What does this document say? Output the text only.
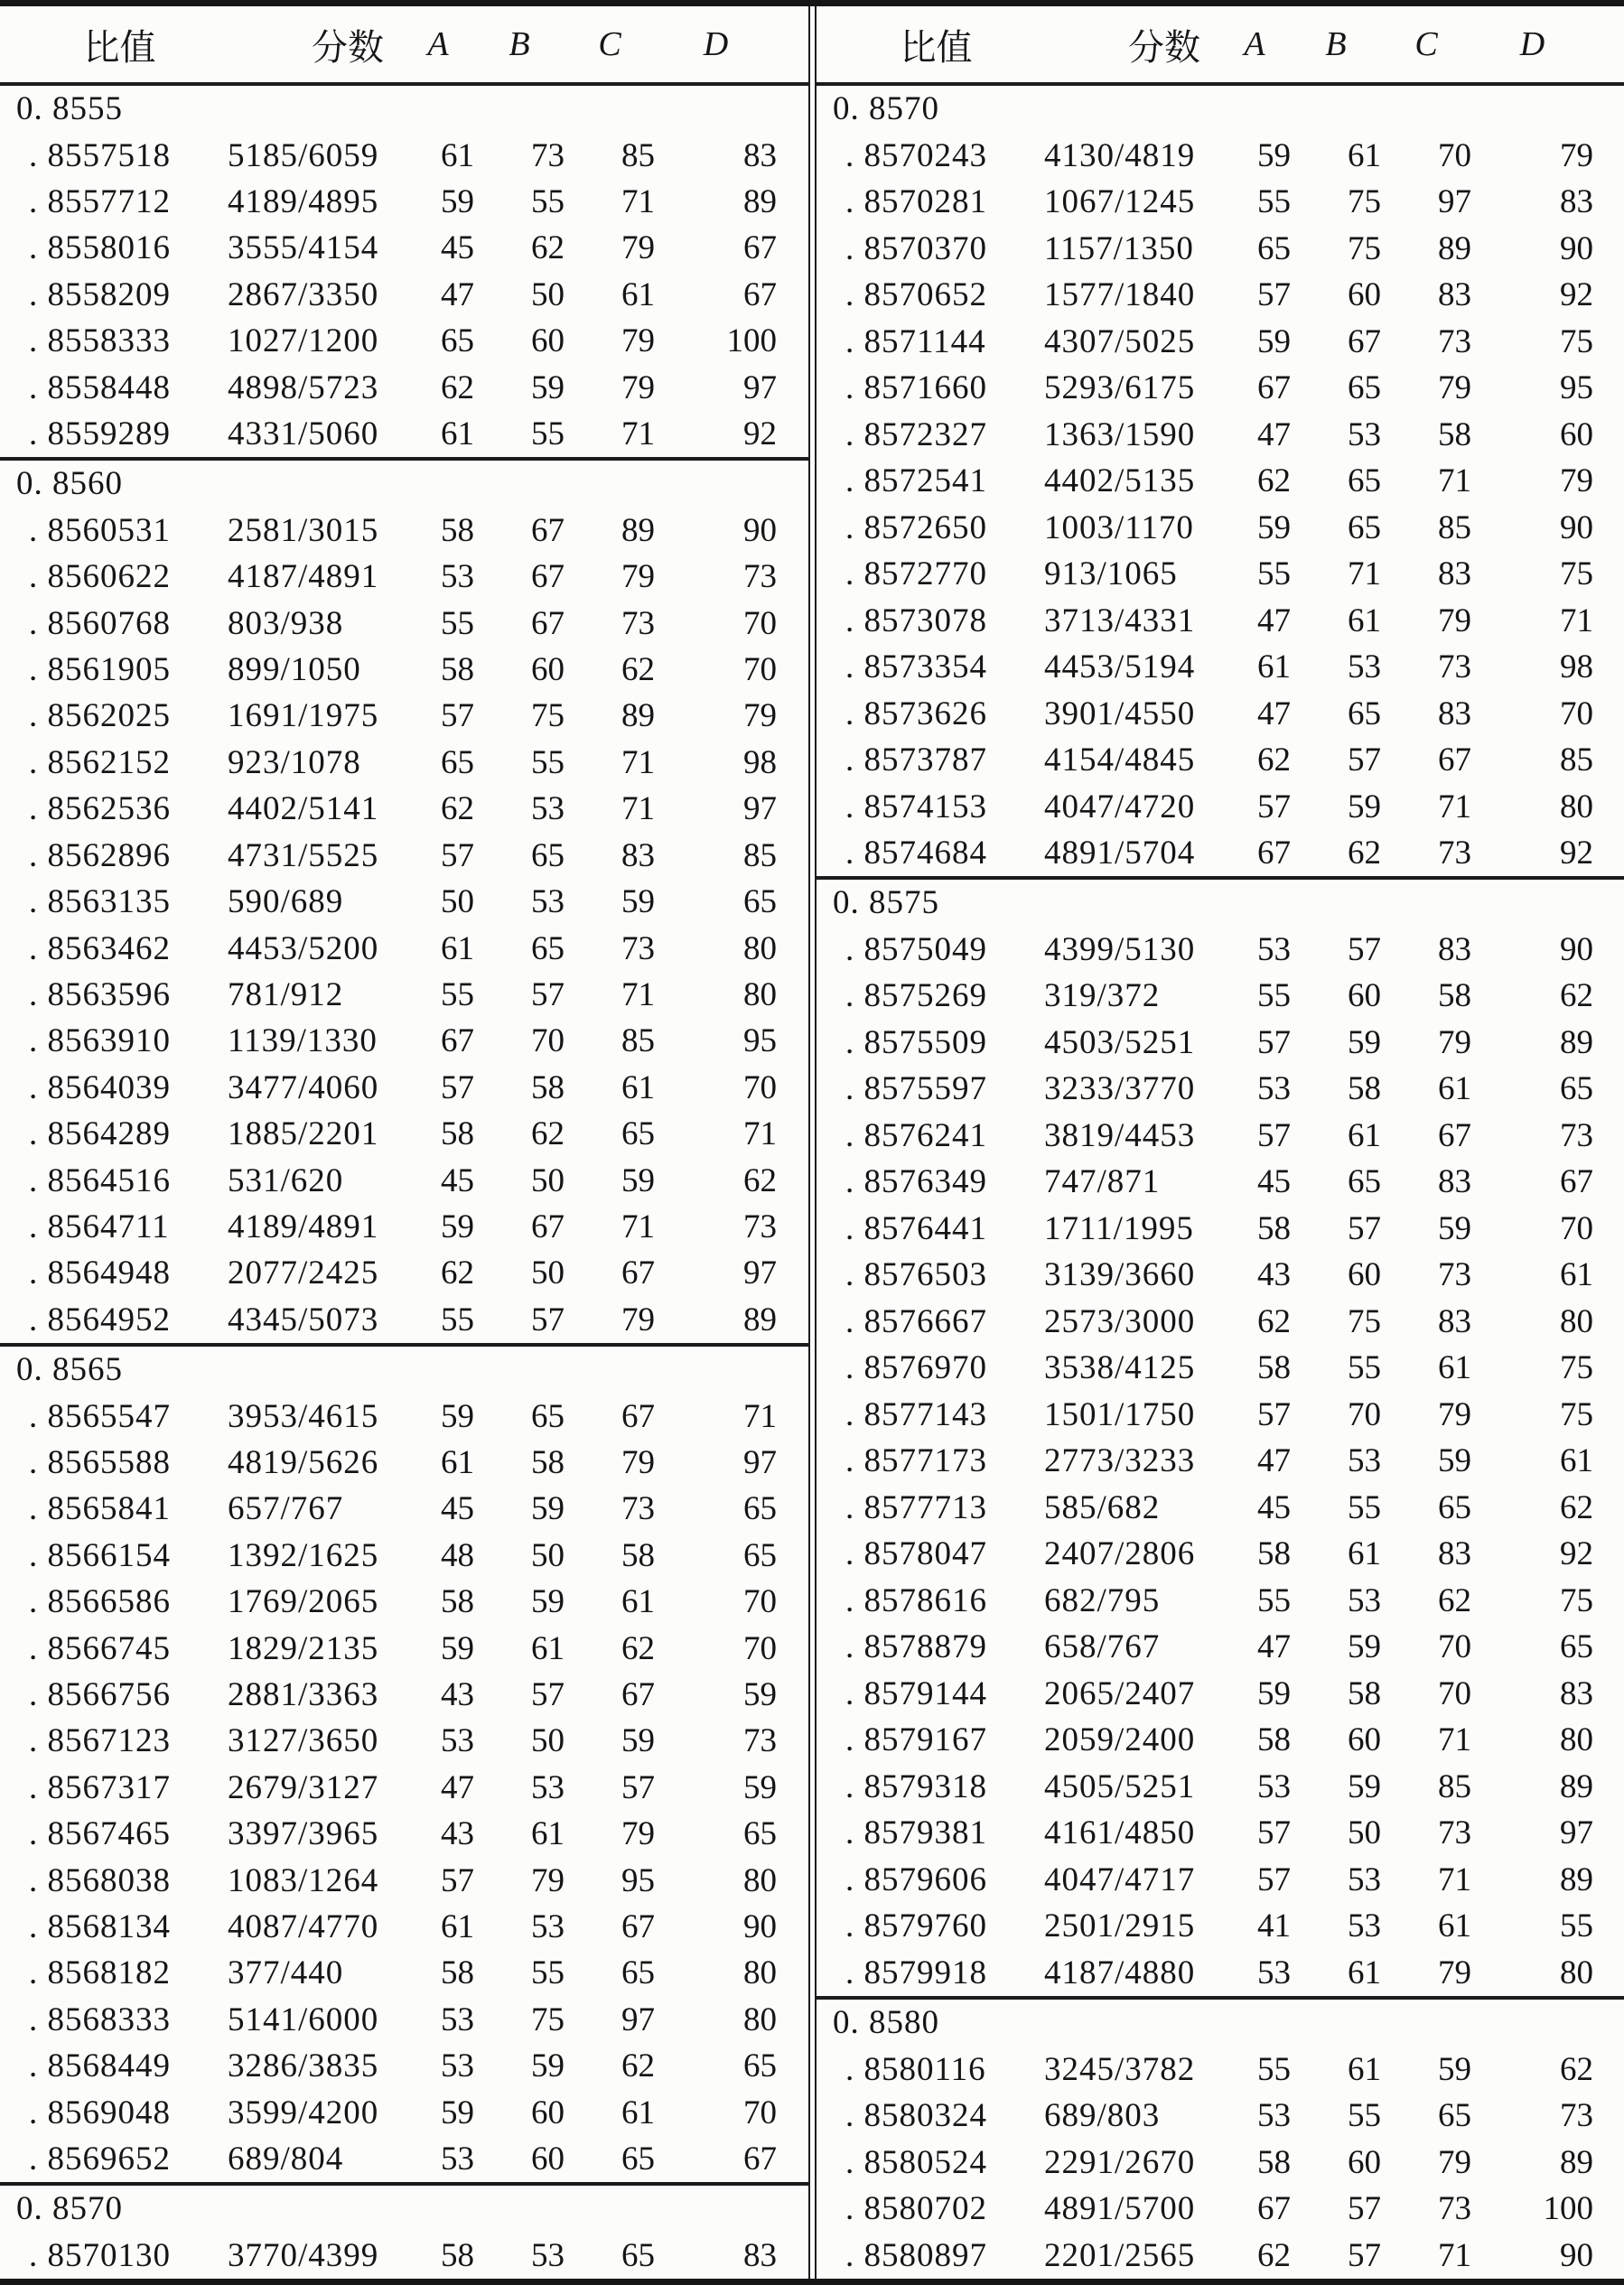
比值	分数	A	B	C	D
0. 8555
. 8557518	5185/6059	61	73	85	83
. 8557712	4189/4895	59	55	71	89
. 8558016	3555/4154	45	62	79	67
. 8558209	2867/3350	47	50	61	67
. 8558333	1027/1200	65	60	79	100
. 8558448	4898/5723	62	59	79	97
. 8559289	4331/5060	61	55	71	92
0. 8560
. 8560531	2581/3015	58	67	89	90
. 8560622	4187/4891	53	67	79	73
. 8560768	803/938	55	67	73	70
. 8561905	899/1050	58	60	62	70
. 8562025	1691/1975	57	75	89	79
. 8562152	923/1078	65	55	71	98
. 8562536	4402/5141	62	53	71	97
. 8562896	4731/5525	57	65	83	85
. 8563135	590/689	50	53	59	65
. 8563462	4453/5200	61	65	73	80
. 8563596	781/912	55	57	71	80
. 8563910	1139/1330	67	70	85	95
. 8564039	3477/4060	57	58	61	70
. 8564289	1885/2201	58	62	65	71
. 8564516	531/620	45	50	59	62
. 8564711	4189/4891	59	67	71	73
. 8564948	2077/2425	62	50	67	97
. 8564952	4345/5073	55	57	79	89
0. 8565
. 8565547	3953/4615	59	65	67	71
. 8565588	4819/5626	61	58	79	97
. 8565841	657/767	45	59	73	65
. 8566154	1392/1625	48	50	58	65
. 8566586	1769/2065	58	59	61	70
. 8566745	1829/2135	59	61	62	70
. 8566756	2881/3363	43	57	67	59
. 8567123	3127/3650	53	50	59	73
. 8567317	2679/3127	47	53	57	59
. 8567465	3397/3965	43	61	79	65
. 8568038	1083/1264	57	79	95	80
. 8568134	4087/4770	61	53	67	90
. 8568182	377/440	58	55	65	80
. 8568333	5141/6000	53	75	97	80
. 8568449	3286/3835	53	59	62	65
. 8569048	3599/4200	59	60	61	70
. 8569652	689/804	53	60	65	67
0. 8570
. 8570130	3770/4399	58	53	65	83
比值	分数	A	B	C	D
0. 8570
. 8570243	4130/4819	59	61	70	79
. 8570281	1067/1245	55	75	97	83
. 8570370	1157/1350	65	75	89	90
. 8570652	1577/1840	57	60	83	92
. 8571144	4307/5025	59	67	73	75
. 8571660	5293/6175	67	65	79	95
. 8572327	1363/1590	47	53	58	60
. 8572541	4402/5135	62	65	71	79
. 8572650	1003/1170	59	65	85	90
. 8572770	913/1065	55	71	83	75
. 8573078	3713/4331	47	61	79	71
. 8573354	4453/5194	61	53	73	98
. 8573626	3901/4550	47	65	83	70
. 8573787	4154/4845	62	57	67	85
. 8574153	4047/4720	57	59	71	80
. 8574684	4891/5704	67	62	73	92
0. 8575
. 8575049	4399/5130	53	57	83	90
. 8575269	319/372	55	60	58	62
. 8575509	4503/5251	57	59	79	89
. 8575597	3233/3770	53	58	61	65
. 8576241	3819/4453	57	61	67	73
. 8576349	747/871	45	65	83	67
. 8576441	1711/1995	58	57	59	70
. 8576503	3139/3660	43	60	73	61
. 8576667	2573/3000	62	75	83	80
. 8576970	3538/4125	58	55	61	75
. 8577143	1501/1750	57	70	79	75
. 8577173	2773/3233	47	53	59	61
. 8577713	585/682	45	55	65	62
. 8578047	2407/2806	58	61	83	92
. 8578616	682/795	55	53	62	75
. 8578879	658/767	47	59	70	65
. 8579144	2065/2407	59	58	70	83
. 8579167	2059/2400	58	60	71	80
. 8579318	4505/5251	53	59	85	89
. 8579381	4161/4850	57	50	73	97
. 8579606	4047/4717	57	53	71	89
. 8579760	2501/2915	41	53	61	55
. 8579918	4187/4880	53	61	79	80
0. 8580
. 8580116	3245/3782	55	61	59	62
. 8580324	689/803	53	55	65	73
. 8580524	2291/2670	58	60	79	89
. 8580702	4891/5700	67	57	73	100
. 8580897	2201/2565	62	57	71	90
